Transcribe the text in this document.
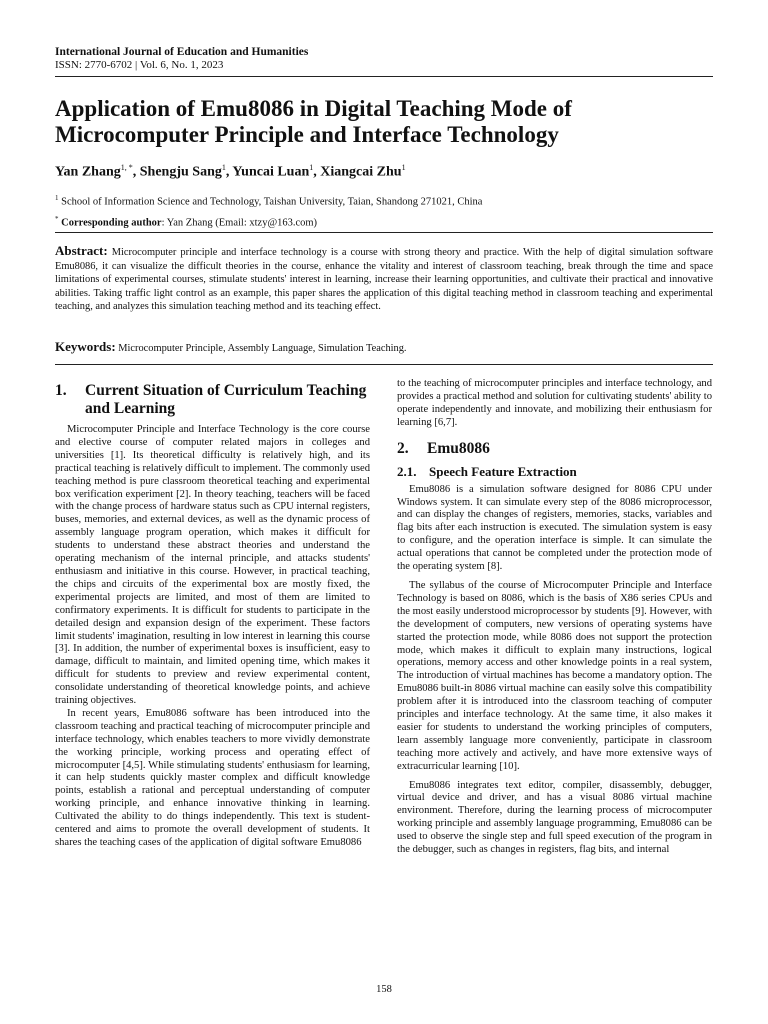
International Journal of Education and Humanities
ISSN: 2770-6702 | Vol. 6, No. 1, 2023
Application of Emu8086 in Digital Teaching Mode of Microcomputer Principle and Interface Technology
Yan Zhang$^{1, *}$, Shengju Sang$^1$, Yuncai Luan$^1$, Xiangcai Zhu$^1$
$^1$ School of Information Science and Technology, Taishan University, Taian, Shandong 271021, China
* Corresponding author: Yan Zhang (Email: xtzy@163.com)

Abstract: Microcomputer principle and interface technology is a course with strong theory and practice. With the help of digital simulation software Emu8086, it can visualize the difficult theories in the course, enhance the vitality and interest of classroom teaching, break through the time and space limitations of experimental courses, stimulate students' interest in learning, increase their learning opportunities, and cultivate their practical and innovative abilities. Taking traffic light control as an example, this paper shares the application of this digital teaching method in classroom teaching and experimental teaching, and analyzes this simulation teaching method and its teaching effect.

Keywords: Microcomputer Principle, Assembly Language, Simulation Teaching.
1.	Current Situation of Curriculum Teaching and Learning

Microcomputer Principle and Interface Technology is the core course and elective course of computer related majors in colleges and universities [1]. Its theoretical difficulty is relatively high, and its practical teaching is relatively difficult to implement. The commonly used teaching method is pure classroom theoretical teaching and experimental box verification experiment [2]. In theory teaching, teachers will be faced with the change process of hardware status such as CPU internal registers, buses, memories, and external devices, as well as the dynamic process of assembly language program operation, which makes it difficult for students to understand these abstract theories and understand the operating mechanism of the internal principle, and attacks students' enthusiasm and initiative in this course. However, in practical teaching, the chips and circuits of the experimental box are mostly fixed, the experimental projects are limited, and most of them are limited to confirmatory experiments. It is difficult for students to participate in the detailed design and expansion design of the experiment. These factors limit students' imagination, resulting in low interest in learning this course [3]. In addition, the number of experimental boxes is insufficient, easy to damage, difficult to maintain, and limited opening time, which makes it difficult for students to preview and review experimental content, consolidate understanding of theoretical knowledge points, and achieve training objectives.

In recent years, Emu8086 software has been introduced into the classroom teaching and practical teaching of microcomputer principle and interface technology, which enables teachers to more vividly demonstrate the working principle, working process and operating effect of microcomputer [4,5]. While stimulating students' enthusiasm for learning, it can help students quickly master complex and difficult knowledge points, establish a rational and perceptual understanding of computer working principle, and enhance innovative thinking in learning. Cultivated the ability to do things independently. This text is student-centered and aims to promote the overall development of students. It shares the teaching cases of the application of digital software Emu8086

to the teaching of microcomputer principles and interface technology, and provides a practical method and solution for cultivating students' ability to operate independently and innovate, and mobilizing their enthusiasm for learning [6,7].

2.	Emu8086
2.1. Speech Feature Extraction

Emu8086 is a simulation software designed for 8086 CPU under Windows system. It can simulate every step of the 8086 microprocessor, and can display the changes of registers, memories, stacks, variables and flag bits after each instruction is executed. The simulation system is easy to configure, and the operation interface is simple. It can simulate the actual operations that cannot be completed under the protection mode of the operating system [8].

The syllabus of the course of Microcomputer Principle and Interface Technology is based on 8086, which is the basis of X86 series CPUs and the most easily understood microprocessor by students [9]. However, with the development of computers, new versions of operating systems have started the protection mode, while 8086 does not support the protection mode, which makes it difficult to explain many instructions, logical operations, memory access and other knowledge points in a real system, The introduction of virtual machines has become a mandatory option. The Emu8086 built-in 8086 virtual machine can easily solve this compatibility problem after it is introduced into the classroom teaching of computer principles and interface technology. At the same time, it also makes it easier for students to understand the working principles of computers, learn assembly language more conveniently, participate in classroom teaching more actively and actively, and have more extensive ways of extracurricular learning [10].

Emu8086 integrates text editor, compiler, disassembly, debugger, virtual device and driver, and has a visual 8086 virtual machine environment. Therefore, during the learning process of microcomputer working principle and assembly language programming, Emu8086 can be used to observe the single step and full speed execution of the program in the debugger, such as changes in registers, flag bits, and internal

158
